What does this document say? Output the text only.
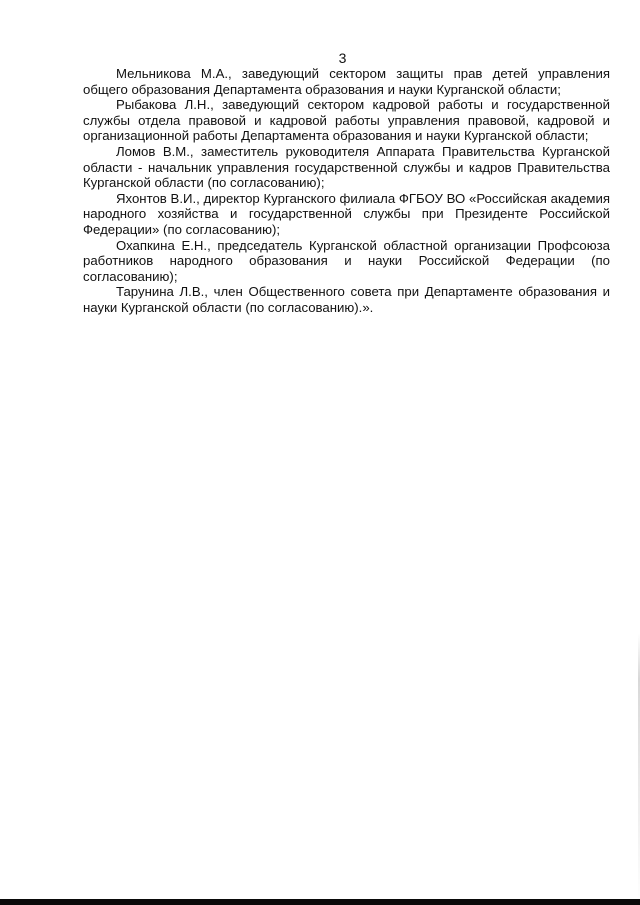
3

Мельникова М.А., заведующий сектором защиты прав детей управления общего образования Департамента образования и науки Курганской области;

Рыбакова Л.Н., заведующий сектором кадровой работы и государственной службы отдела правовой и кадровой работы управления правовой, кадровой и организационной работы Департамента образования и науки Курганской области;

Ломов В.М., заместитель руководителя Аппарата Правительства Курганской области - начальник управления государственной службы и кадров Правительства Курганской области (по согласованию);

Яхонтов В.И., директор Курганского филиала ФГБОУ ВО «Российская академия народного хозяйства и государственной службы при Президенте Российской Федерации» (по согласованию);

Охапкина Е.Н., председатель Курганской областной организации Профсоюза работников народного образования и науки Российской Федерации (по согласованию);

Тарунина Л.В., член Общественного совета при Департаменте образования и науки Курганской области (по согласованию).».
